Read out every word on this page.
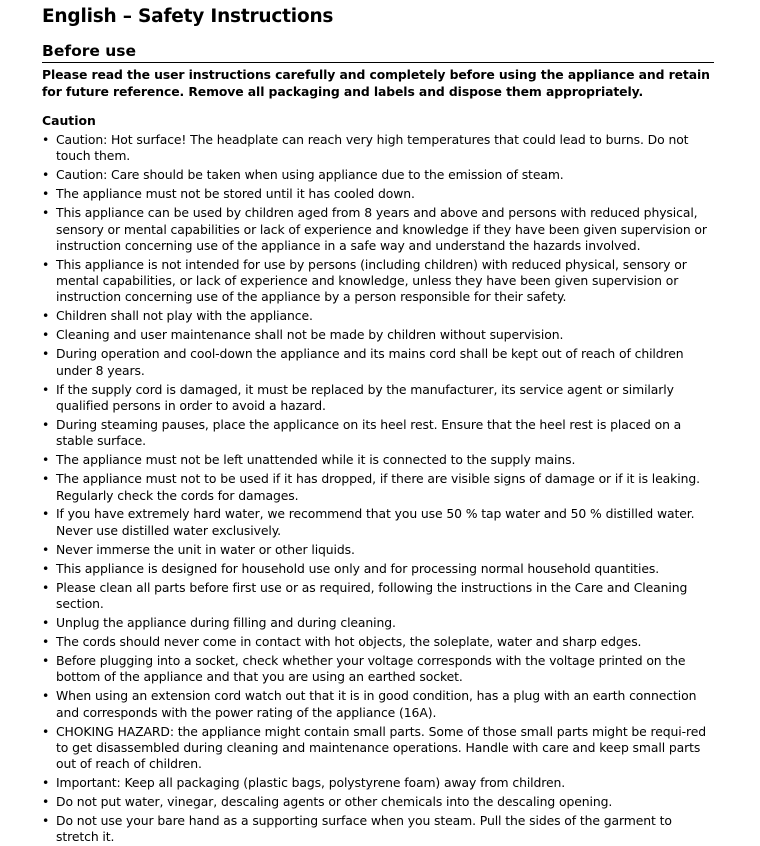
English – Safety Instructions
Before use

Please read the user instructions carefully and completely before using the appliance and retain for future reference. Remove all packaging and labels and dispose them appropriately.

Caution
• Caution: Hot surface! The headplate can reach very high temperatures that could lead to burns. Do not touch them.
• Caution: Care should be taken when using appliance due to the emission of steam.
• The appliance must not be stored until it has cooled down.
• This appliance can be used by children aged from 8 years and above and persons with reduced physical, sensory or mental capabilities or lack of experience and knowledge if they have been given supervision or instruction concerning use of the appliance in a safe way and understand the hazards involved.
• This appliance is not intended for use by persons (including children) with reduced physical, sensory or mental capabilities, or lack of experience and knowledge, unless they have been given supervision or instruction concerning use of the appliance by a person responsible for their safety.
• Children shall not play with the appliance.
• Cleaning and user maintenance shall not be made by children without supervision.
• During operation and cool-down the appliance and its mains cord shall be kept out of reach of children under 8 years.
• If the supply cord is damaged, it must be replaced by the manufacturer, its service agent or similarly qualified persons in order to avoid a hazard.
• During steaming pauses, place the applicance on its heel rest. Ensure that the heel rest is placed on a stable surface.
• The appliance must not be left unattended while it is connected to the supply mains.
• The appliance must not to be used if it has dropped, if there are visible signs of damage or if it is leaking. Regularly check the cords for damages.
• If you have extremely hard water, we recommend that you use 50 % tap water and 50 % distilled water. Never use distilled water exclusively.
• Never immerse the unit in water or other liquids.
• This appliance is designed for household use only and for processing normal household quantities.
• Please clean all parts before first use or as required, following the instructions in the Care and Cleaning section.
• Unplug the appliance during filling and during cleaning.
• The cords should never come in contact with hot objects, the soleplate, water and sharp edges.
• Before plugging into a socket, check whether your voltage corresponds with the voltage printed on the bottom of the appliance and that you are using an earthed socket.
• When using an extension cord watch out that it is in good condition, has a plug with an earth connection and corresponds with the power rating of the appliance (16A).
• CHOKING HAZARD: the appliance might contain small parts. Some of those small parts might be requi-red to get disassembled during cleaning and maintenance operations. Handle with care and keep small parts out of reach of children.
• Important: Keep all packaging (plastic bags, polystyrene foam) away from children.
• Do not put water, vinegar, descaling agents or other chemicals into the descaling opening.
• Do not use your bare hand as a supporting surface when you steam. Pull the sides of the garment to stretch it.
